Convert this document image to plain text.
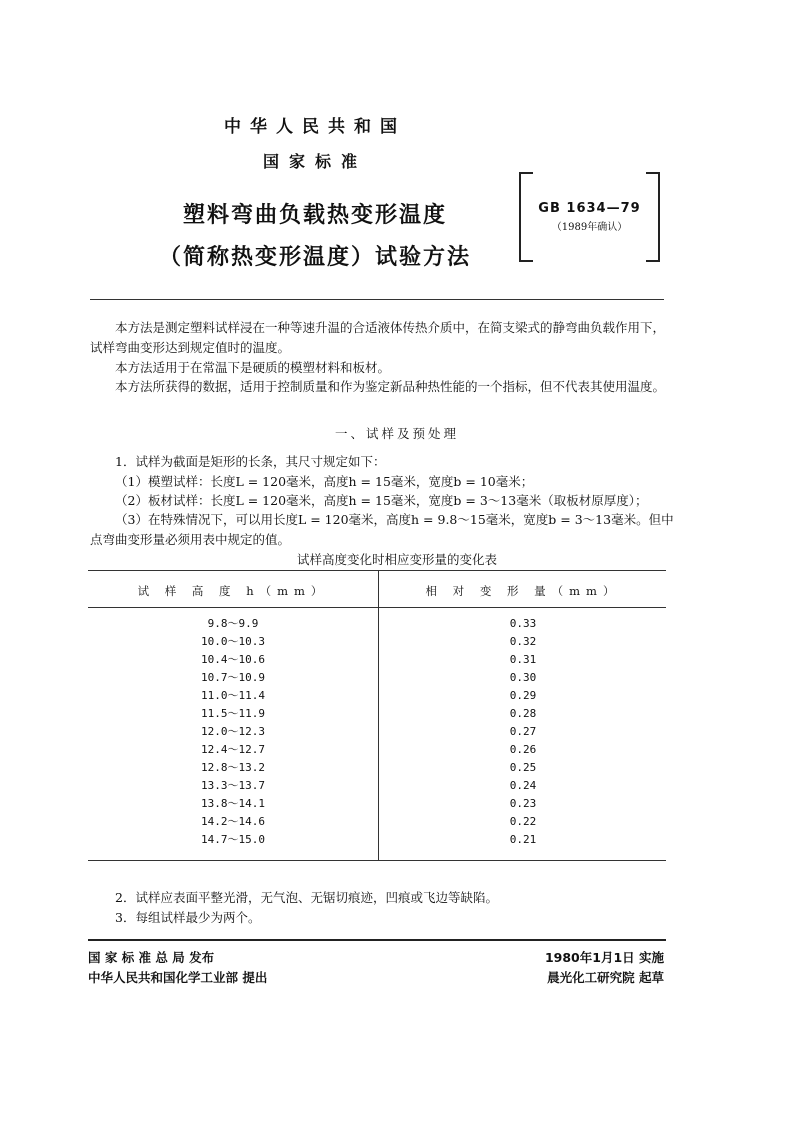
中华人民共和国
国家标准
塑料弯曲负载热变形温度
（简称热变形温度）试验方法
GB 1634—79
（1989年确认）
本方法是测定塑料试样浸在一种等速升温的合适液体传热介质中，在简支梁式的静弯曲负载作用下，试样弯曲变形达到规定值时的温度。
本方法适用于在常温下是硬质的模塑材料和板材。
本方法所获得的数据，适用于控制质量和作为鉴定新品种热性能的一个指标，但不代表其使用温度。
一、试样及预处理
1．试样为截面是矩形的长条，其尺寸规定如下：
（1）模塑试样：长度L = 120毫米，高度h = 15毫米，宽度b = 10毫米；
（2）板材试样：长度L = 120毫米，高度h = 15毫米，宽度b = 3～13毫米（取板材原厚度）；
（3）在特殊情况下，可以用长度L = 120毫米，高度h = 9.8～15毫米，宽度b = 3～13毫米。但中点弯曲变形量必须用表中规定的值。
试样高度变化时相应变形量的变化表
试 样 高 度 h（mm）	相 对 变 形 量（mm）
9.8～9.9
10.0～10.3
10.4～10.6
10.7～10.9
11.0～11.4
11.5～11.9
12.0～12.3
12.4～12.7
12.8～13.2
13.3～13.7
13.8～14.1
14.2～14.6
14.7～15.0
0.33
0.32
0.31
0.30
0.29
0.28
0.27
0.26
0.25
0.24
0.23
0.22
0.21
2．试样应表面平整光滑，无气泡、无锯切痕迹，凹痕或飞边等缺陷。
3．每组试样最少为两个。
国 家 标 准 总 局 发布
中华人民共和国化学工业部 提出
1980年1月1日 实施
晨光化工研究院 起草
